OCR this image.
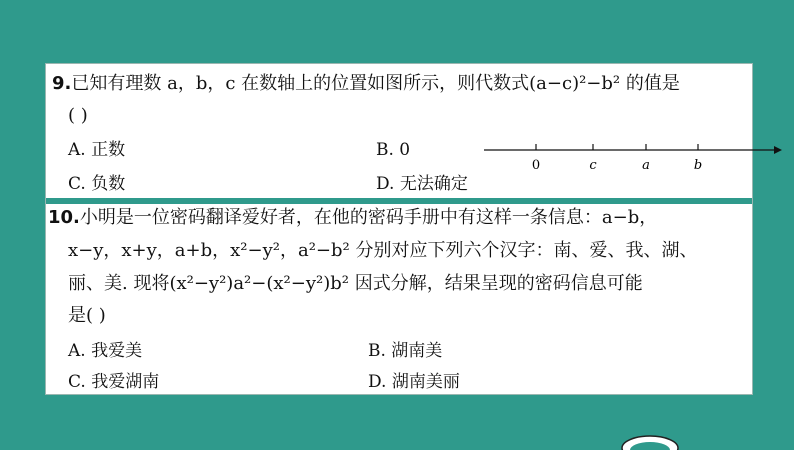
9.已知有理数 a，b，c 在数轴上的位置如图所示，则代数式(a−c)²−b² 的值是
( )
A. 正数	B. 0
C. 负数	D. 无法确定
0	c	a	b
10.小明是一位密码翻译爱好者，在他的密码手册中有这样一条信息：a−b，
x−y，x+y，a+b，x²−y²，a²−b² 分别对应下列六个汉字：南、爱、我、湖、
丽、美. 现将(x²−y²)a²−(x²−y²)b² 因式分解，结果呈现的密码信息可能
是( )
A. 我爱美	B. 湖南美
C. 我爱湖南	D. 湖南美丽
